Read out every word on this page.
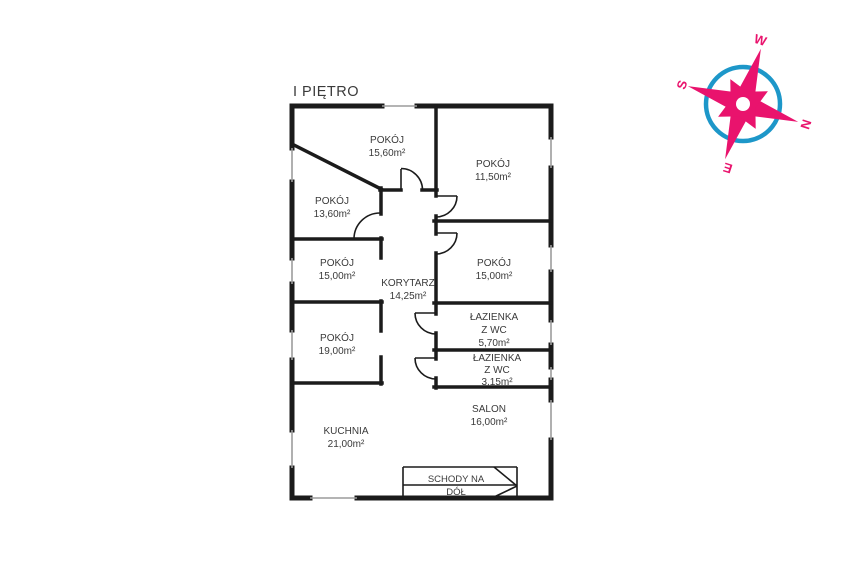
I PIĘTRO
SCHODY NA
DÓŁ
POKÓJ
15,60m²
POKÓJ
11,50m²
POKÓJ
13,60m²
POKÓJ
15,00m²
KORYTARZ
14,25m²
POKÓJ
15,00m²
ŁAZIENKA
Z WC
5,70m²
ŁAZIENKA
Z WC
3,15m²
POKÓJ
19,00m²
KUCHNIA
21,00m²
SALON
16,00m²
W
S
N
E
